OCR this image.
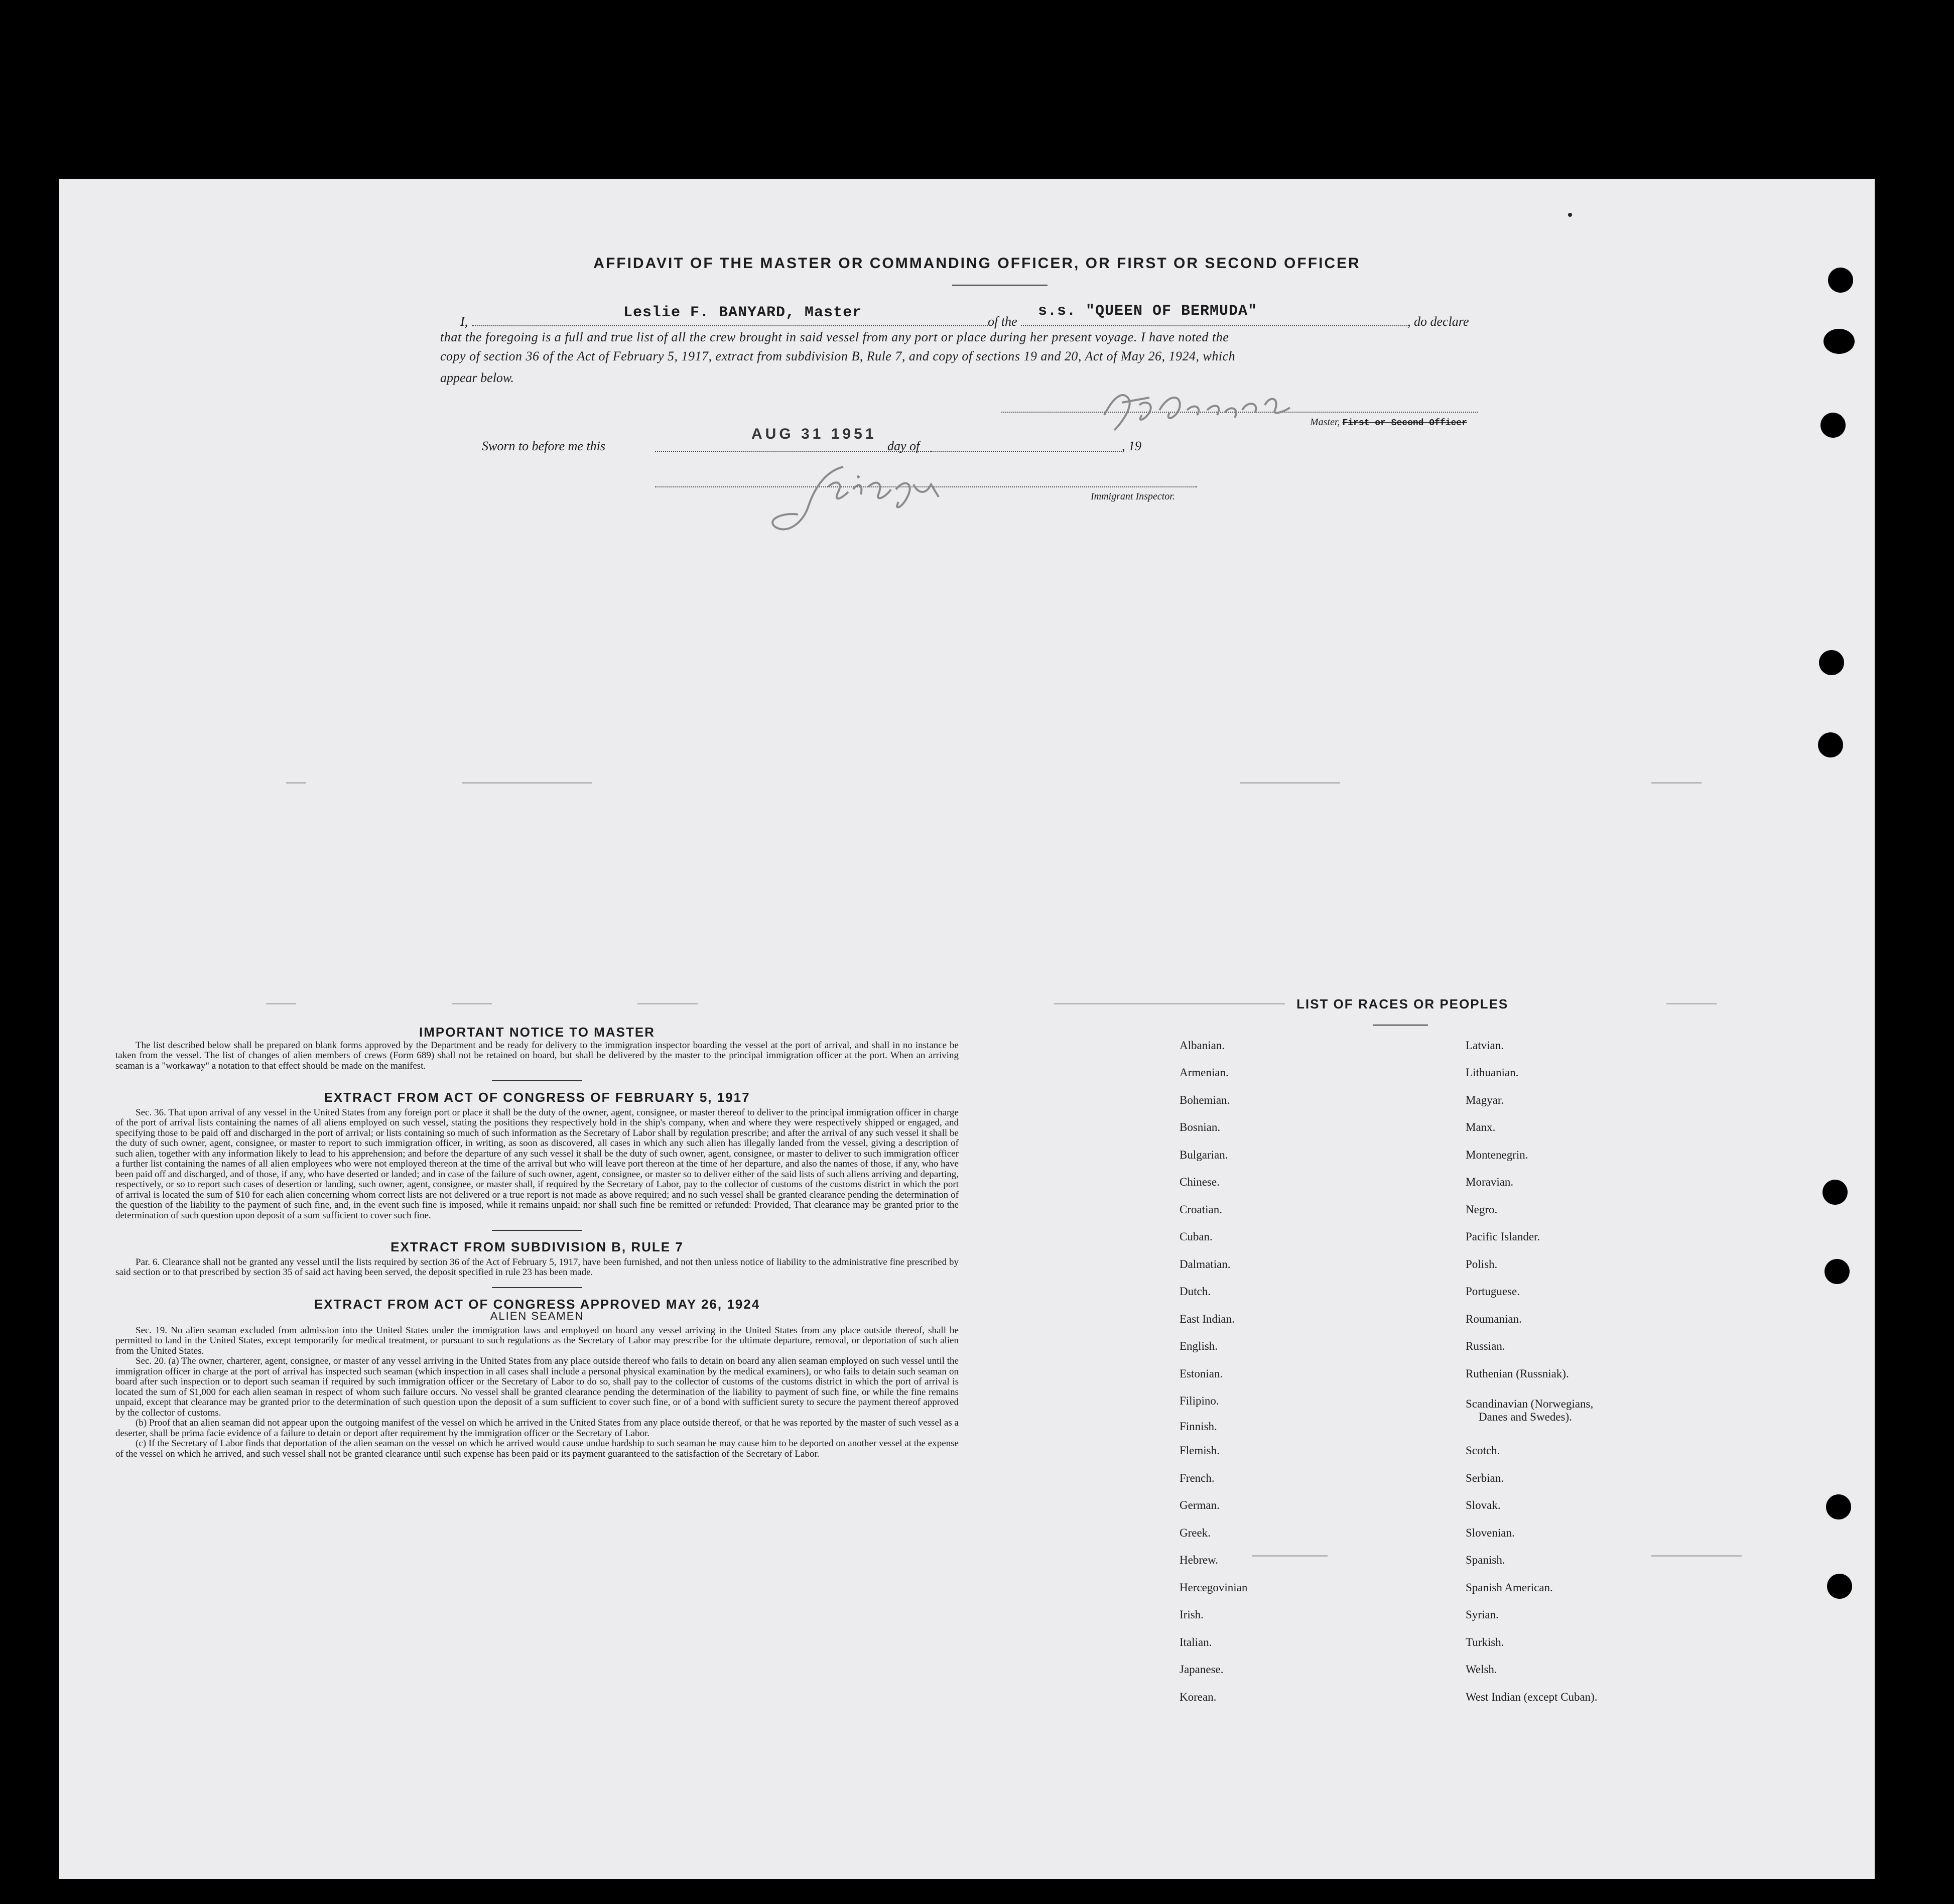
AFFIDAVIT OF THE MASTER OR COMMANDING OFFICER, OR FIRST OR SECOND OFFICER
I,
Leslie F. BANYARD, Master
of the
s.s. "QUEEN OF BERMUDA"
, do declare
that the foregoing is a full and true list of all the crew brought in said vessel from any port or place during her present voyage. I have noted the
copy of section 36 of the Act of February 5, 1917, extract from subdivision B, Rule 7, and copy of sections 19 and 20, Act of May 26, 1924, which
appear below.
Master, First or Second Officer
Sworn to before me this
AUG 31 1951
day of	, 19
Immigrant Inspector.
IMPORTANT NOTICE TO MASTER

The list described below shall be prepared on blank forms approved by the Department and be ready for delivery to the immigration inspector boarding the vessel at the port of arrival, and shall in no instance be taken from the vessel. The list of changes of alien members of crews (Form 689) shall not be retained on board, but shall be delivered by the master to the principal immigration officer at the port. When an arriving seaman is a "workaway" a notation to that effect should be made on the manifest.

EXTRACT FROM ACT OF CONGRESS OF FEBRUARY 5, 1917

Sec. 36. That upon arrival of any vessel in the United States from any foreign port or place it shall be the duty of the owner, agent, consignee, or master thereof to deliver to the principal immigration officer in charge of the port of arrival lists containing the names of all aliens employed on such vessel, stating the positions they respectively hold in the ship's company, when and where they were respectively shipped or engaged, and specifying those to be paid off and discharged in the port of arrival; or lists containing so much of such information as the Secretary of Labor shall by regulation prescribe; and after the arrival of any such vessel it shall be the duty of such owner, agent, consignee, or master to report to such immigration officer, in writing, as soon as discovered, all cases in which any such alien has illegally landed from the vessel, giving a description of such alien, together with any information likely to lead to his apprehension; and before the departure of any such vessel it shall be the duty of such owner, agent, consignee, or master to deliver to such immigration officer a further list containing the names of all alien employees who were not employed thereon at the time of the arrival but who will leave port thereon at the time of her departure, and also the names of those, if any, who have been paid off and discharged, and of those, if any, who have deserted or landed; and in case of the failure of such owner, agent, consignee, or master so to deliver either of the said lists of such aliens arriving and departing, respectively, or so to report such cases of desertion or landing, such owner, agent, consignee, or master shall, if required by the Secretary of Labor, pay to the collector of customs of the customs district in which the port of arrival is located the sum of $10 for each alien concerning whom correct lists are not delivered or a true report is not made as above required; and no such vessel shall be granted clearance pending the determination of the question of the liability to the payment of such fine, and, in the event such fine is imposed, while it remains unpaid; nor shall such fine be remitted or refunded: Provided, That clearance may be granted prior to the determination of such question upon deposit of a sum sufficient to cover such fine.

EXTRACT FROM SUBDIVISION B, RULE 7

Par. 6. Clearance shall not be granted any vessel until the lists required by section 36 of the Act of February 5, 1917, have been furnished, and not then unless notice of liability to the administrative fine prescribed by said section or to that prescribed by section 35 of said act having been served, the deposit specified in rule 23 has been made.

EXTRACT FROM ACT OF CONGRESS APPROVED MAY 26, 1924
ALIEN SEAMEN

Sec. 19. No alien seaman excluded from admission into the United States under the immigration laws and employed on board any vessel arriving in the United States from any place outside thereof, shall be permitted to land in the United States, except temporarily for medical treatment, or pursuant to such regulations as the Secretary of Labor may prescribe for the ultimate departure, removal, or deportation of such alien from the United States.

Sec. 20. (a) The owner, charterer, agent, consignee, or master of any vessel arriving in the United States from any place outside thereof who fails to detain on board any alien seaman employed on such vessel until the immigration officer in charge at the port of arrival has inspected such seaman (which inspection in all cases shall include a personal physical examination by the medical examiners), or who fails to detain such seaman on board after such inspection or to deport such seaman if required by such immigration officer or the Secretary of Labor to do so, shall pay to the collector of customs of the customs district in which the port of arrival is located the sum of $1,000 for each alien seaman in respect of whom such failure occurs. No vessel shall be granted clearance pending the determination of the liability to payment of such fine, or while the fine remains unpaid, except that clearance may be granted prior to the determination of such question upon the deposit of a sum sufficient to cover such fine, or of a bond with sufficient surety to secure the payment thereof approved by the collector of customs.

(b) Proof that an alien seaman did not appear upon the outgoing manifest of the vessel on which he arrived in the United States from any place outside thereof, or that he was reported by the master of such vessel as a deserter, shall be prima facie evidence of a failure to detain or deport after requirement by the immigration officer or the Secretary of Labor.

(c) If the Secretary of Labor finds that deportation of the alien seaman on the vessel on which he arrived would cause undue hardship to such seaman he may cause him to be deported on another vessel at the expense of the vessel on which he arrived, and such vessel shall not be granted clearance until such expense has been paid or its payment guaranteed to the satisfaction of the Secretary of Labor.

LIST OF RACES OR PEOPLES
Albanian.
Armenian.
Bohemian.
Bosnian.
Bulgarian.
Chinese.
Croatian.
Cuban.
Dalmatian.
Dutch.
East Indian.
English.
Estonian.
Filipino.
Finnish.
Flemish.
French.
German.
Greek.
Hebrew.
Hercegovinian
Irish.
Italian.
Japanese.
Korean.
Latvian.
Lithuanian.
Magyar.
Manx.
Montenegrin.
Moravian.
Negro.
Pacific Islander.
Polish.
Portuguese.
Roumanian.
Russian.
Ruthenian (Russniak).
Scandinavian (Norwegians,
Danes and Swedes).
Scotch.
Serbian.
Slovak.
Slovenian.
Spanish.
Spanish American.
Syrian.
Turkish.
Welsh.
West Indian (except Cuban).
